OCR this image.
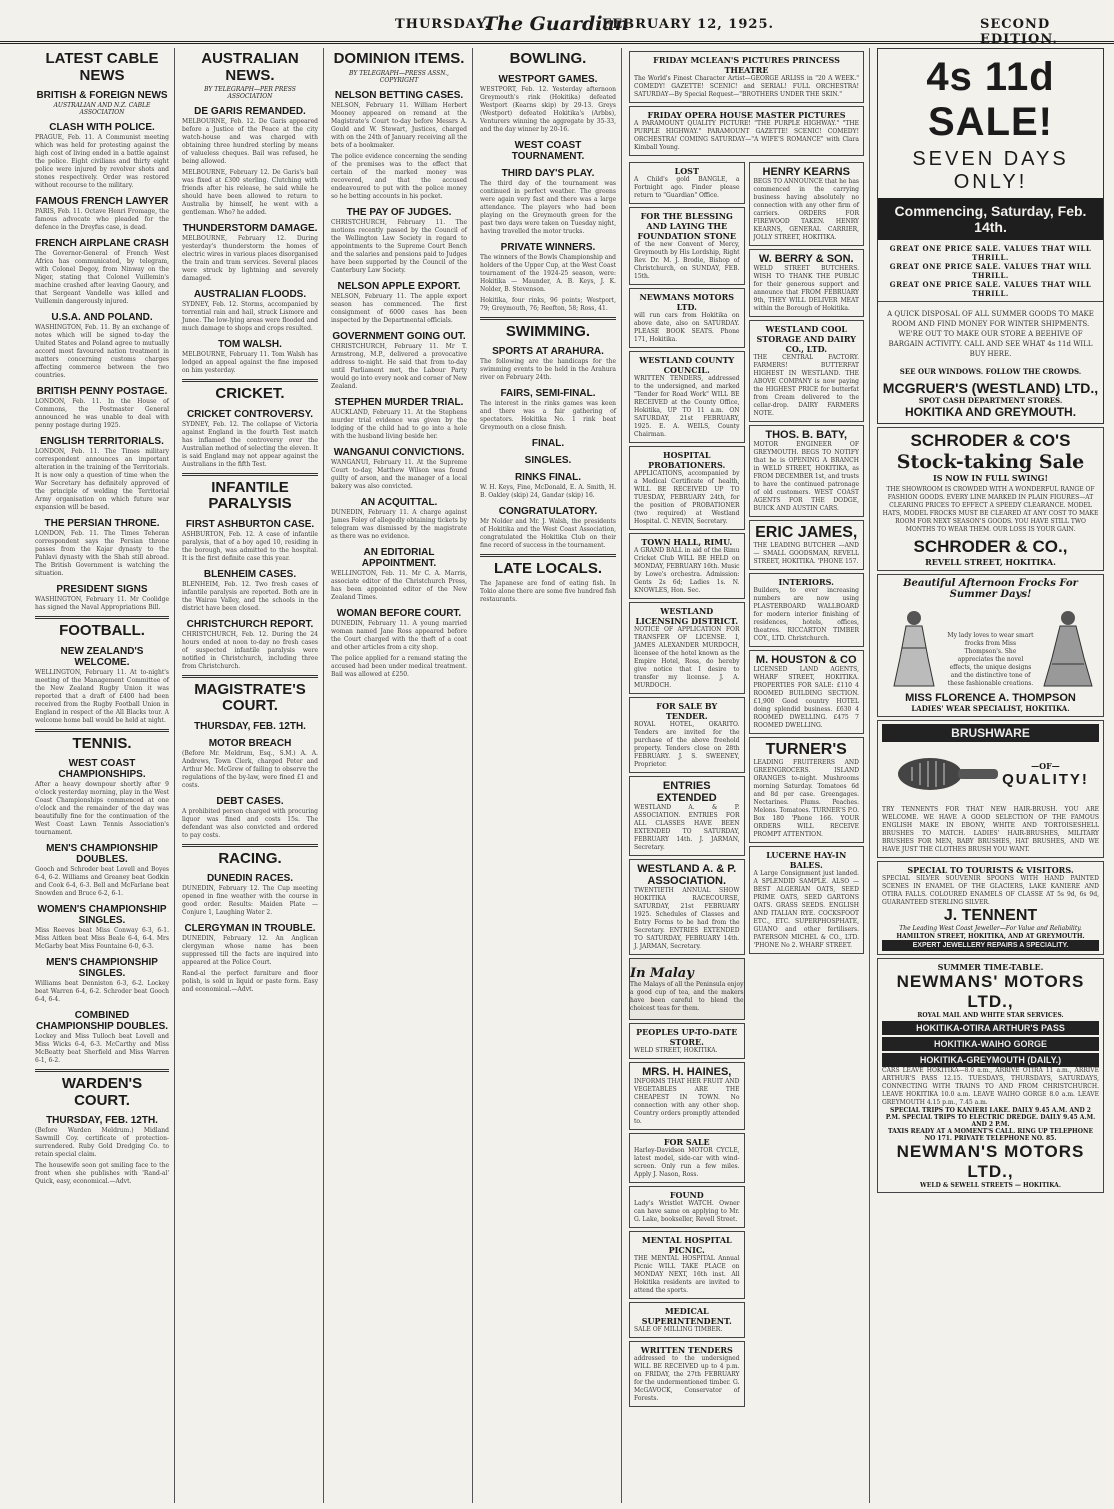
THURSDAY.
The Guardian
FEBRUARY 12, 1925.	SECOND EDITION.
LATEST CABLE NEWS
BRITISH & FOREIGN NEWS
AUSTRALIAN AND N.Z. CABLE ASSOCIATION
CLASH WITH POLICE.

PRAGUE, Feb. 11. A Communist meeting which was held for protesting against the high cost of living ended in a battle against the police. Eight civilians and thirty eight police were injured by revolver shots and stones respectively. Order was restored without recourse to the military.

FAMOUS FRENCH LAWYER

PARIS, Feb. 11. Octave Henri Fromage, the famous advocate who pleaded for the defence in the Dreyfus case, is dead.

FRENCH AIRPLANE CRASH

The Governor-General of French West Africa has communicated, by telegram, with Colonel Degoy, from Ninway on the Niger, stating that Colonel Vuillemin's machine crashed after leaving Gaoury, and that Sergeant Vandelle was killed and Vuillemin dangerously injured.

U.S.A. AND POLAND.

WASHINGTON, Feb. 11. By an exchange of notes which will be signed to-day the United States and Poland agree to mutually accord most favoured nation treatment in matters concerning customs charges affecting commerce between the two countries.

BRITISH PENNY POSTAGE.

LONDON, Feb. 11. In the House of Commons, the Postmaster General announced he was unable to deal with penny postage during 1925.

ENGLISH TERRITORIALS.

LONDON, Feb. 11. The Times military correspondent announces an important alteration in the training of the Territorials. It is now only a question of time when the War Secretary has definitely approved of the principle of welding the Territorial Army organisation on which future war expansion will be based.

THE PERSIAN THRONE.

LONDON, Feb. 11. The Times Teheran correspondent says the Persian throne passes from the Kajar dynasty to the Pahlavi dynasty with the Shah still abroad. The British Government is watching the situation.

PRESIDENT SIGNS

WASHINGTON, February 11. Mr Coolidge has signed the Naval Appropriations Bill.

FOOTBALL.
NEW ZEALAND'S WELCOME.

WELLINGTON, February 11. At to-night's meeting of the Management Committee of the New Zealand Rugby Union it was reported that a draft of £400 had been received from the Rugby Football Union in England in respect of the All Blacks tour. A welcome home ball would be held at night.

TENNIS.
WEST COAST CHAMPIONSHIPS.

After a heavy downpour shortly after 9 o'clock yesterday morning, play in the West Coast Championships commenced at one o'clock and the remainder of the day was beautifully fine for the continuation of the West Coast Lawn Tennis Association's tournament.

MEN'S CHAMPIONSHIP DOUBLES.

Gooch and Schroder beat Lovell and Boyes 6-4, 6-2. Williams and Greaney beat Godkin and Cook 6-4, 6-3. Bell and McFarlane beat Snowden and Bruce 6-2, 6-1.

WOMEN'S CHAMPIONSHIP SINGLES.

Miss Reeves beat Miss Conway 6-3, 6-1. Miss Aitken beat Miss Beale 6-4, 6-4. Mrs McGarby beat Miss Fountaine 6-0, 6-3.

MEN'S CHAMPIONSHIP SINGLES.

Williams beat Denniston 6-3, 6-2. Lockey beat Warren 6-4, 6-2. Schroder beat Gooch 6-4, 6-4.

COMBINED CHAMPIONSHIP DOUBLES.

Lockey and Miss Tulloch beat Lovell and Miss Wicks 6-4, 6-3. McCarthy and Miss McBeatty beat Sherfield and Miss Warren 6-1, 6-2.

WARDEN'S COURT.
THURSDAY, FEB. 12TH.

(Before Warden Meldrum.) Midland Sawmill Coy. certificate of protection-surrendered. Ruby Gold Dredging Co. to retain special claim.

The housewife soon got smiling face to the front when she publishes with 'Rand-al' Quick, easy, economical.—Advt.

AUSTRALIAN NEWS.
BY TELEGRAPH—PER PRESS ASSOCIATION
DE GARIS REMANDED.

MELBOURNE, Feb. 12. De Garis appeared before a Justice of the Peace at the city watch-house and was charged with obtaining three hundred sterling by means of valueless cheques. Bail was refused, he being allowed.

MELBOURNE, February 12. De Garis's bail was fixed at £300 sterling. Clutching with friends after his release, he said while he should have been allowed to return to Australia by himself, he went with a gentleman. Who? he added.

THUNDERSTORM DAMAGE.

MELBOURNE, February 12. During yesterday's thunderstorm the homes of electric wires in various places disorganised the train and tram services. Several places were struck by lightning and severely damaged.

AUSTRALIAN FLOODS.

SYDNEY, Feb. 12. Storms, accompanied by torrential rain and hail, struck Lismore and Junee. The low-lying areas were flooded and much damage to shops and crops resulted.

TOM WALSH.

MELBOURNE, February 11. Tom Walsh has lodged an appeal against the fine imposed on him yesterday.

CRICKET.
CRICKET CONTROVERSY.

SYDNEY, Feb. 12. The collapse of Victoria against England in the fourth Test match has inflamed the controversy over the Australian method of selecting the eleven. It is said England may not appear against the Australians in the fifth Test.

INFANTILE PARALYSIS
FIRST ASHBURTON CASE.

ASHBURTON, Feb. 12. A case of infantile paralysis, that of a boy aged 10, residing in the borough, was admitted to the hospital. It is the first definite case this year.

BLENHEIM CASES.

BLENHEIM, Feb. 12. Two fresh cases of infantile paralysis are reported. Both are in the Wairau Valley, and the schools in the district have been closed.

CHRISTCHURCH REPORT.

CHRISTCHURCH, Feb. 12. During the 24 hours ended at noon to-day no fresh cases of suspected infantile paralysis were notified in Christchurch, including three from Christchurch.

MAGISTRATE'S COURT.
THURSDAY, FEB. 12TH.
MOTOR BREACH

(Before Mr. Meldrum, Esq., S.M.) A. A. Andrews, Town Clerk, charged Peter and Arthur Mc. McGrew of failing to observe the regulations of the by-law, were fined £1 and costs.

DEBT CASES.

A prohibited person charged with procuring liquor was fined and costs 15s. The defendant was also convicted and ordered to pay costs.

RACING.
DUNEDIN RACES.

DUNEDIN, February 12. The Cup meeting opened in fine weather with the course in good order. Results: Maiden Plate — Conjure 1, Laughing Water 2.

CLERGYMAN IN TROUBLE.

DUNEDIN, February 12. An Anglican clergyman whose name has been suppressed till the facts are inquired into appeared at the Police Court.

Rand-al the perfect furniture and floor polish, is sold in liquid or paste form. Easy and economical.—Advt.

DOMINION ITEMS.
BY TELEGRAPH—PRESS ASSN., COPYRIGHT
NELSON BETTING CASES.

NELSON, February 11. William Herbert Mooney appeared on remand at the Magistrate's Court to-day before Messrs A. Gould and W. Stewart, Justices, charged with on the 24th of January receiving all the bets of a bookmaker.

The police evidence concerning the sending of the premises was to the effect that certain of the marked money was recovered, and that the accused endeavoured to put with the police money so he betting accounts in his pocket.

THE PAY OF JUDGES.

CHRISTCHURCH, February 11. The motions recently passed by the Council of the Wellington Law Society in regard to appointments to the Supreme Court Bench and the salaries and pensions paid to Judges have been supported by the Council of the Canterbury Law Society.

NELSON APPLE EXPORT.

NELSON, February 11. The apple export season has commenced. The first consignment of 6000 cases has been inspected by the Departmental officials.

GOVERNMENT GOING OUT.

CHRISTCHURCH, February 11. Mr T. Armstrong, M.P., delivered a provocative address to-night. He said that from to-day until Parliament met, the Labour Party would go into every nook and corner of New Zealand.

STEPHEN MURDER TRIAL.

AUCKLAND, February 11. At the Stephens murder trial evidence was given by the lodging of the child had to go into a hole with the husband living beside her.

WANGANUI CONVICTIONS.

WANGANUI, February 11. At the Supreme Court to-day, Matthew Wilson was found guilty of arson, and the manager of a local bakery was also convicted.

AN ACQUITTAL.

DUNEDIN, February 11. A charge against James Foley of allegedly obtaining tickets by telegram was dismissed by the magistrate as there was no evidence.

AN EDITORIAL APPOINTMENT.

WELLINGTON, Feb. 11. Mr C. A. Marris, associate editor of the Christchurch Press, has been appointed editor of the New Zealand Times.

WOMAN BEFORE COURT.

DUNEDIN, February 11. A young married woman named Jane Ross appeared before the Court charged with the theft of a coat and other articles from a city shop.

The police applied for a remand stating the accused had been under medical treatment. Bail was allowed at £250.

BOWLING.
WESTPORT GAMES.

WESTPORT, Feb. 12. Yesterday afternoon Greymouth's rink (Hokitika) defeated Westport (Kearns skip) by 29-13. Greys (Westport) defeated Hokitika's (Arbbs), Venturers winning the aggregate by 35-33, and the day winner by 20-16.

WEST COAST TOURNAMENT.
THIRD DAY'S PLAY.

The third day of the tournament was continued in perfect weather. The greens were again very fast and there was a large attendance. The players who had been playing on the Greymouth green for the past two days were taken on Tuesday night, having travelled the motor trucks.

PRIVATE WINNERS.

The winners of the Bowls Championship and holders of the Upper Cup, at the West Coast tournament of the 1924-25 season, were: Hokitika — Maunder, A. B. Keys, J. K. Nolder, B. Stevenson.

Hokitika, four rinks, 96 points; Westport, 79; Greymouth, 76; Reefton, 58; Ross, 41.

SWIMMING.
SPORTS AT ARAHURA.

The following are the handicaps for the swimming events to be held in the Arahura river on February 24th.

FAIRS, SEMI-FINAL.

The interest in the rinks games was keen and there was a fair gathering of spectators. Hokitika No. 1 rink beat Greymouth on a close finish.

FINAL.
SINGLES.
RINKS FINAL.

W. H. Keys, Fine, McDonald, E. A. Smith, H. B. Oakley (skip) 24, Gandar (skip) 16.

CONGRATULATORY.

Mr Nolder and Mr. J. Walsh, the presidents of Hokitika and the West Coast Association, congratulated the Hokitika Club on their fine record of success in the tournament.

LATE LOCALS.

The Japanese are fond of eating fish. In Tokio alone there are some five hundred fish restaurants.

FRIDAY MCLEAN'S PICTURES PRINCESS THEATRE
The World's Finest Character Artist—GEORGE ARLISS in "20 A WEEK." COMEDY! GAZETTE! SCENIC! and SERIAL! FULL ORCHESTRA! SATURDAY—By Special Request—"BROTHERS UNDER THE SKIN."
FRIDAY OPERA HOUSE MASTER PICTURES
A PARAMOUNT QUALITY PICTURE! "THE PURPLE HIGHWAY." "THE PURPLE HIGHWAY." PARAMOUNT GAZETTE! SCENIC! COMEDY! ORCHESTRA! COMING SATURDAY—"A WIFE'S ROMANCE" with Clara Kimball Young.
LOST
A Child's gold BANGLE, a Fortnight ago. Finder please return to "Guardian" Office.
FOR THE BLESSING AND LAYING THE FOUNDATION STONE
of the new Convent of Mercy, Greymouth by His Lordship, Right Rev. Dr. M. J. Brodie, Bishop of Christchurch, on SUNDAY, FEB. 15th.
NEWMANS MOTORS LTD.
will run cars from Hokitika on above date, also on SATURDAY. PLEASE BOOK SEATS. Phone 171, Hokitika.
WESTLAND COUNTY COUNCIL.
WRITTEN TENDERS, addressed to the undersigned, and marked "Tender for Road Work" WILL BE RECEIVED at the County Office, Hokitika, UP TO 11 a.m. ON SATURDAY, 21st FEBRUARY, 1925. E. A. WEILS, County Chairman.
HOSPITAL PROBATIONERS.
APPLICATIONS, accompanied by a Medical Certificate of health, WILL BE RECEIVED UP TO TUESDAY, FEBRUARY 24th, for the position of PROBATIONER (two required) at Westland Hospital. C. NEVIN, Secretary.
TOWN HALL, RIMU.
A GRAND BALL in aid of the Rimu Cricket Club WILL BE HELD on MONDAY, FEBRUARY 16th. Music by Lowe's orchestra. Admission: Gents 2s 6d; Ladies 1s. N. KNOWLES, Hon. Sec.
WESTLAND LICENSING DISTRICT.
NOTICE OF APPLICATION FOR TRANSFER OF LICENSE. I, JAMES ALEXANDER MURDOCH, licensee of the hotel known as the Empire Hotel, Ross, do hereby give notice that I desire to transfer my license. J. A. MURDOCH.
FOR SALE BY TENDER.
ROYAL HOTEL, OKARITO. Tenders are invited for the purchase of the above freehold property. Tenders close on 28th FEBRUARY. J. S. SWEENEY, Proprietor.
ENTRIES EXTENDED
WESTLAND A. & P. ASSOCIATION. ENTRIES FOR ALL CLASSES HAVE BEEN EXTENDED TO SATURDAY, FEBRUARY 14th. J. JARMAN, Secretary.
WESTLAND A. & P. ASSOCIATION.
TWENTIETH ANNUAL SHOW HOKITIKA RACECOURSE, SATURDAY, 21st FEBRUARY 1925. Schedules of Classes and Entry Forms to be had from the Secretary. ENTRIES EXTENDED TO SATURDAY, FEBRUARY 14th. J. JARMAN, Secretary.
In Malay
The Malays of all the Peninsula enjoy a good cup of tea, and the makers have been careful to blend the choicest teas for them.
PEOPLES UP-TO-DATE STORE.
WELD STREET, HOKITIKA.
MRS. H. HAINES,
INFORMS THAT HER FRUIT AND VEGETABLES ARE THE CHEAPEST IN TOWN. No connection with any other shop. Country orders promptly attended to.
FOR SALE
Harley-Davidson MOTOR CYCLE, latest model, side-car with wind-screen. Only run a few miles. Apply J. Nason, Ross.
FOUND
Lady's Wristlet WATCH. Owner can have same on applying to Mr. G. Lake, bookseller, Revell Street.
MENTAL HOSPITAL PICNIC.
THE MENTAL HOSPITAL Annual Picnic WILL TAKE PLACE on MONDAY NEXT, 16th inst. All Hokitika residents are invited to attend the sports.
MEDICAL SUPERINTENDENT.
SALE OF MILLING TIMBER.
WRITTEN TENDERS
addressed to the undersigned WILL BE RECEIVED up to 4 p.m. on FRIDAY, the 27th FEBRUARY for the undermentioned timber. G. McGAVOCK, Conservator of Forests.
HENRY KEARNS
BEGS TO ANNOUNCE that he has commenced in the carrying business having absolutely no connection with any other firm of carriers. ORDERS FOR FIREWOOD TAKEN. HENRY KEARNS, GENERAL CARRIER, JOLLY STREET, HOKITIKA.
W. BERRY & SON.
WELD STREET BUTCHERS. WISH TO THANK THE PUBLIC for their generous support and announce that FROM FEBRUARY 9th, THEY WILL DELIVER MEAT within the Borough of Hokitika.
WESTLAND COOL STORAGE AND DAIRY CO., LTD.
THE CENTRAL FACTORY. FARMERS! BUTTERFAT HIGHEST IN WESTLAND. THE ABOVE COMPANY is now paying the HIGHEST PRICE for butterfat from Cream delivered to the cellar-drop. DAIRY FARMERS NOTE.
THOS. B. BATY,
MOTOR ENGINEER OF GREYMOUTH. BEGS TO NOTIFY that he is OPENING A BRANCH in WELD STREET, HOKITIKA, as FROM DECEMBER 1st, and trusts to have the continued patronage of old customers. WEST COAST AGENTS FOR THE DODGE, BUICK AND AUSTIN CARS.
ERIC JAMES,
THE LEADING BUTCHER —AND— SMALL GOODSMAN, REVELL STREET, HOKITIKA. 'PHONE 157.
INTERIORS.
Builders, to ever increasing numbers are now using PLASTERBOARD WALLBOARD for modern interior finishing of residences, hotels, offices, theatres. RICCARTON TIMBER COY., LTD. Christchurch.
M. HOUSTON & CO
LICENSED LAND AGENTS, WHARF STREET, HOKITIKA. PROPERTIES FOR SALE: £110 4 ROOMED BUILDING SECTION. £1,900 Good country HOTEL doing splendid business. £630 4 ROOMED DWELLING. £475 7 ROOMED DWELLING.
TURNER'S
LEADING FRUITERERS AND GREENGROCERS. ISLAND ORANGES to-night. Mushrooms morning Saturday. Tomatoes 6d and 8d per case. Greengages. Nectarines. Plums. Peaches. Melons. Tomatoes. TURNER'S P.O. Box 180 'Phone 166. YOUR ORDERS WILL RECEIVE PROMPT ATTENTION.
LUCERNE HAY-IN BALES.
A Large Consignment just landed. A SPLENDID SAMPLE. ALSO — BEST ALGERIAN OATS, SEED PRIME OATS, SEED GARTONS OATS. GRASS SEEDS. ENGLISH AND ITALIAN RYE. COCKSFOOT ETC., ETC. SUPERPHOSPHATE, GUANO and other fertilisers. PATERSON MICHEL & CO., LTD. 'PHONE No 2. WHARF STREET.
4s 11d SALE!
SEVEN DAYS ONLY!
Commencing, Saturday, Feb. 14th.
GREAT ONE PRICE SALE. VALUES THAT WILL THRILL.
GREAT ONE PRICE SALE. VALUES THAT WILL THRILL.
GREAT ONE PRICE SALE. VALUES THAT WILL THRILL.
A QUICK DISPOSAL OF ALL SUMMER GOODS TO MAKE ROOM AND FIND MONEY FOR WINTER SHIPMENTS. WE'RE OUT TO MAKE OUR STORE A BEEHIVE OF BARGAIN ACTIVITY. CALL AND SEE WHAT 4s 11d WILL BUY HERE.
SEE OUR WINDOWS. FOLLOW THE CROWDS.
MCGRUER'S (WESTLAND) LTD.,
SPOT CASH DEPARTMENT STORES.
HOKITIKA AND GREYMOUTH.
SCHRODER & CO'S
Stock-taking Sale
IS NOW IN FULL SWING!
THE SHOWROOM IS CROWDED WITH A WONDERFUL RANGE OF FASHION GOODS. EVERY LINE MARKED IN PLAIN FIGURES—AT CLEARING PRICES TO EFFECT A SPEEDY CLEARANCE. MODEL HATS, MODEL FROCKS MUST BE CLEARED AT ANY COST TO MAKE ROOM FOR NEXT SEASON'S GOODS. YOU HAVE STILL TWO MONTHS TO WEAR THEM. OUR LOSS IS YOUR GAIN.
SCHRODER & CO.,
REVELL STREET, HOKITIKA.
Beautiful Afternoon Frocks For Summer Days!
My lady loves to wear smart frocks from Miss Thompson's. She appreciates the novel effects, the unique designs and the distinctive tone of these fashionable creations.
MISS FLORENCE A. THOMPSON
LADIES' WEAR SPECIALIST, HOKITIKA.
BRUSHWARE
—OF—
QUALITY!
TRY TENNENTS FOR THAT NEW HAIR-BRUSH. YOU ARE WELCOME. WE HAVE A GOOD SELECTION OF THE FAMOUS ENGLISH MAKE IN EBONY, WHITE AND TORTOISESHELL BRUSHES TO MATCH. LADIES' HAIR-BRUSHES, MILITARY BRUSHES FOR MEN, BABY BRUSHES, HAT BRUSHES, AND WE HAVE JUST THE CLOTHES BRUSH YOU WANT.
SPECIAL TO TOURISTS & VISITORS.
SPECIAL SILVER SOUVENIR SPOONS WITH HAND PAINTED SCENES IN ENAMEL OF THE GLACIERS, LAKE KANIERE AND OTIRA FALLS. COLOURED ENAMELS OF CLASSE AT 5s 9d, 6s 9d, GUARANTEED STERLING SILVER.
J. TENNENT
The Leading West Coast Jeweller—For Value and Reliability.
HAMILTON STREET, HOKITIKA, AND AT GREYMOUTH.
EXPERT JEWELLERY REPAIRS A SPECIALITY.
SUMMER TIME-TABLE.
NEWMANS' MOTORS LTD.,
ROYAL MAIL AND WHITE STAR SERVICES.
HOKITIKA-OTIRA ARTHUR'S PASS
HOKITIKA-WAIHO GORGE
HOKITIKA-GREYMOUTH (DAILY.)
CARS LEAVE HOKITIKA—8.0 a.m., ARRIVE OTIRA 11 a.m., ARRIVE ARTHUR'S PASS 12.15. TUESDAYS, THURSDAYS, SATURDAYS, CONNECTING WITH TRAINS TO AND FROM CHRISTCHURCH. LEAVE HOKITIKA 10.0 a.m. LEAVE WAIHO GORGE 8.0 a.m. LEAVE GREYMOUTH 4.15 p.m., 7.45 a.m.
SPECIAL TRIPS TO KANIERI LAKE. DAILY 9.45 A.M. AND 2 P.M. SPECIAL TRIPS TO ELECTRIC DREDGE. DAILY 9.45 A.M. AND 2 P.M.
TAXIS READY AT A MOMENT'S CALL. RING UP TELEPHONE NO 171. PRIVATE TELEPHONE NO. 85.
NEWMAN'S MOTORS LTD.,
WELD & SEWELL STREETS — HOKITIKA.
